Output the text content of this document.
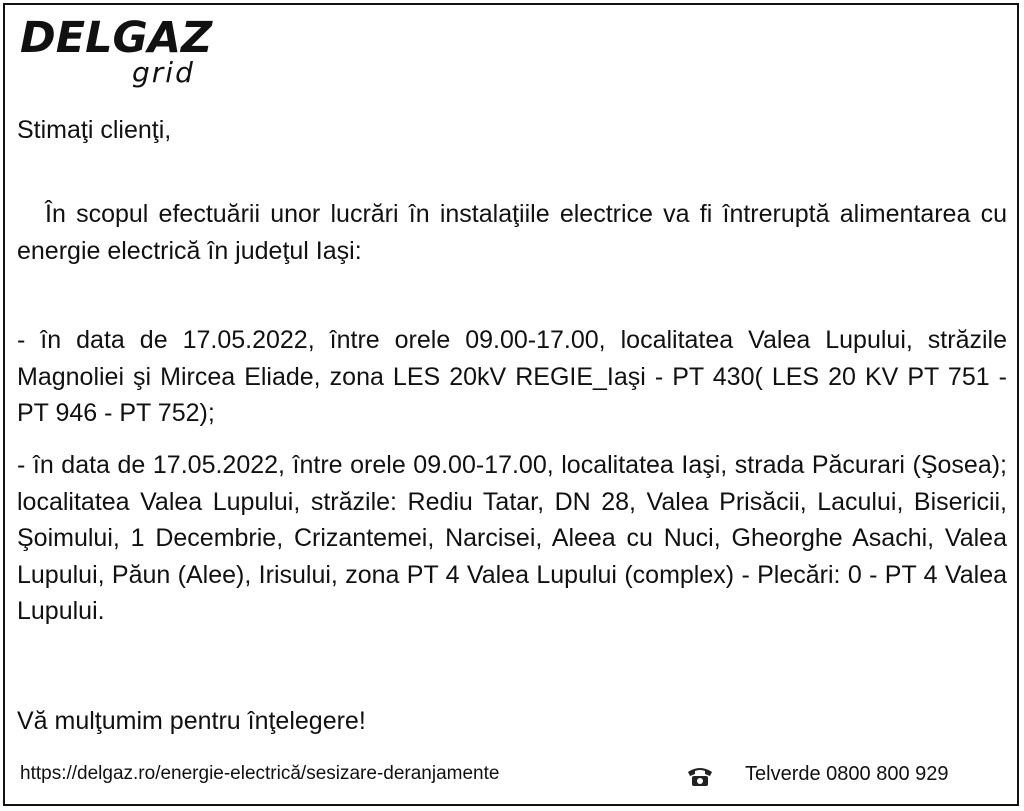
DELGAZ
grid
Stimaţi clienţi,
În scopul efectuării unor lucrări în instalaţiile electrice va fi întreruptă alimentarea cu energie electrică în judeţul Iaşi:
- în data de 17.05.2022, între orele 09.00-17.00, localitatea Valea Lupului, străzile Magnoliei şi Mircea Eliade, zona LES 20kV REGIE_Iaşi - PT 430( LES 20 KV PT 751 - PT 946 - PT 752);
- în data de 17.05.2022, între orele 09.00-17.00, localitatea Iaşi, strada Păcurari (Şosea); localitatea Valea Lupului, străzile: Rediu Tatar, DN 28, Valea Prisăcii, Lacului, Bisericii, Şoimului, 1 Decembrie, Crizantemei, Narcisei, Aleea cu Nuci, Gheorghe Asachi, Valea Lupului, Păun (Alee), Irisului, zona PT 4 Valea Lupului (complex) - Plecări: 0 - PT 4 Valea Lupului.
Vă mulţumim pentru înţelegere!
https://delgaz.ro/energie-electrică/sesizare-deranjamente	Telverde 0800 800 929
